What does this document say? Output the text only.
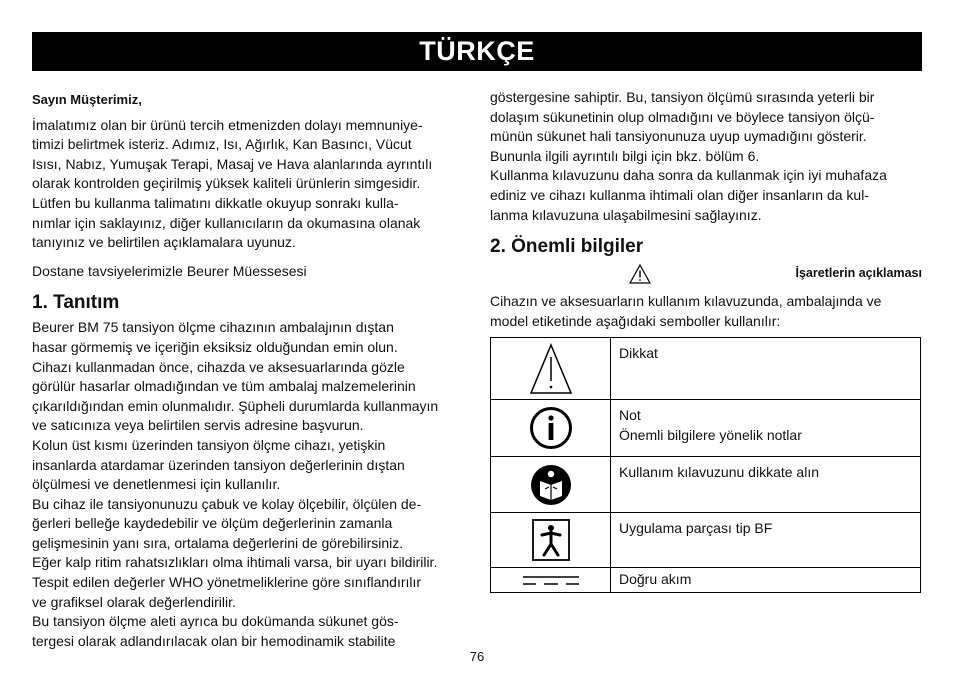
TÜRKÇE

Sayın Müşterimiz,

İmalatımız olan bir ürünü tercih etmenizden dolayı memnuniye-

timizi belirtmek isteriz. Adımız, Isı, Ağırlık, Kan Basıncı, Vücut

Isısı, Nabız, Yumuşak Terapi, Masaj ve Hava alanlarında ayrıntılı

olarak kontrolden geçirilmiş yüksek kaliteli ürünlerin simgesidir.

Lütfen bu kullanma talimatını dikkatle okuyup sonrakı kulla-

nımlar için saklayınız, diğer kullanıcıların da okumasına olanak

tanıyınız ve belirtilen açıklamalara uyunuz.

Dostane tavsiyelerimizle Beurer Müessesesi

1. Tanıtım

Beurer BM 75 tansiyon ölçme cihazının ambalajının dıştan

hasar görmemiş ve içeriğin eksiksiz olduğundan emin olun.

Cihazı kullanmadan önce, cihazda ve aksesuarlarında gözle

görülür hasarlar olmadığından ve tüm ambalaj malzemelerinin

çıkarıldığından emin olunmalıdır. Şüpheli durumlarda kullanmayın

ve satıcınıza veya belirtilen servis adresine başvurun.

Kolun üst kısmı üzerinden tansiyon ölçme cihazı, yetişkin

insanlarda atardamar üzerinden tansiyon değerlerinin dıştan

ölçülmesi ve denetlenmesi için kullanılır.

Bu cihaz ile tansiyonunuzu çabuk ve kolay ölçebilir, ölçülen de-

ğerleri belleğe kaydedebilir ve ölçüm değerlerinin zamanla

gelişmesinin yanı sıra, ortalama değerlerini de görebilirsiniz.

Eğer kalp ritim rahatsızlıkları olma ihtimali varsa, bir uyarı bildirilir.

Tespit edilen değerler WHO yönetmeliklerine göre sınıflandırılır

ve grafiksel olarak değerlendirilir.

Bu tansiyon ölçme aleti ayrıca bu dokümanda sükunet gös-

tergesi olarak adlandırılacak olan bir hemodinamik stabilite

göstergesine sahiptir. Bu, tansiyon ölçümü sırasında yeterli bir

dolaşım sükunetinin olup olmadığını ve böylece tansiyon ölçü-

münün sükunet hali tansiyonunuza uyup uymadığını gösterir.

Bununla ilgili ayrıntılı bilgi için bkz. bölüm 6.

Kullanma kılavuzunu daha sonra da kullanmak için iyi muhafaza

ediniz ve cihazı kullanma ihtimali olan diğer insanların da kul-

lanma kılavuzuna ulaşabilmesini sağlayınız.

2. Önemli bilgiler
İşaretlerin açıklaması

Cihazın ve aksesuarların kullanım kılavuzunda, ambalajında ve

model etiketinde aşağıdaki semboller kullanılır:

Dikkat

Not
Önemli bilgilere yönelik notlar

Kullanım kılavuzunu dikkate alın

Uygulama parçası tip BF

Doğru akım
76
